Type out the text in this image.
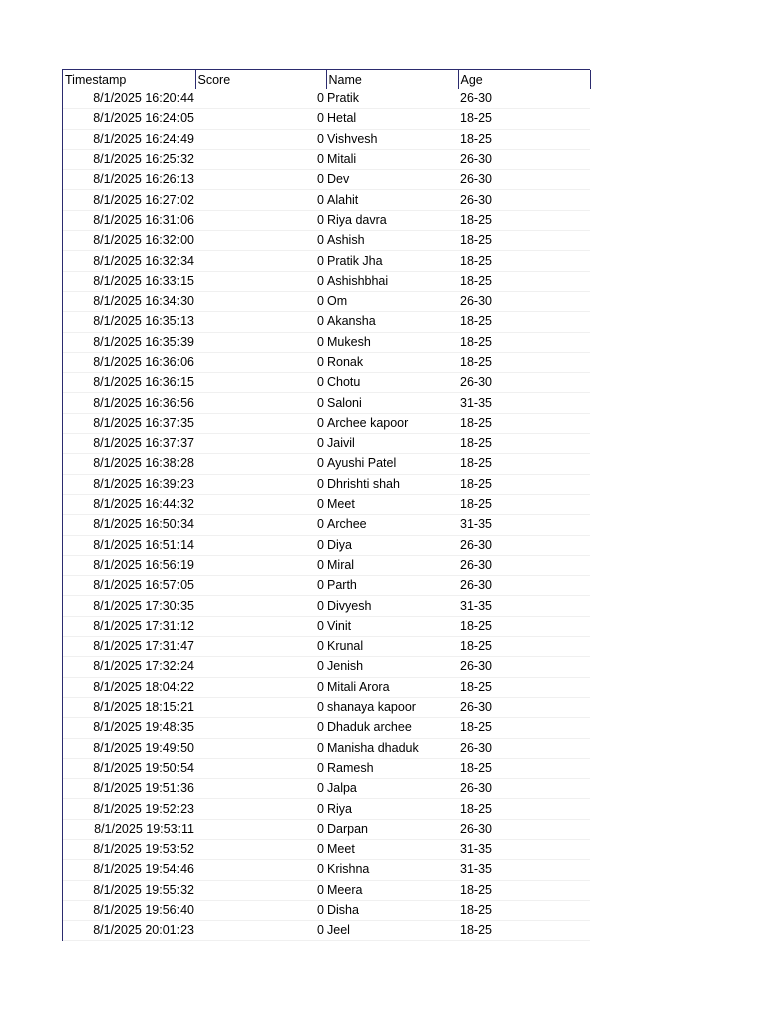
Timestamp	Score	Name	Age
8/1/2025 16:20:44	0	Pratik	26-30
8/1/2025 16:24:05	0	Hetal	18-25
8/1/2025 16:24:49	0	Vishvesh	18-25
8/1/2025 16:25:32	0	Mitali	26-30
8/1/2025 16:26:13	0	Dev	26-30
8/1/2025 16:27:02	0	Alahit	26-30
8/1/2025 16:31:06	0	Riya davra	18-25
8/1/2025 16:32:00	0	Ashish	18-25
8/1/2025 16:32:34	0	Pratik Jha	18-25
8/1/2025 16:33:15	0	Ashishbhai	18-25
8/1/2025 16:34:30	0	Om	26-30
8/1/2025 16:35:13	0	Akansha	18-25
8/1/2025 16:35:39	0	Mukesh	18-25
8/1/2025 16:36:06	0	Ronak	18-25
8/1/2025 16:36:15	0	Chotu	26-30
8/1/2025 16:36:56	0	Saloni	31-35
8/1/2025 16:37:35	0	Archee kapoor	18-25
8/1/2025 16:37:37	0	Jaivil	18-25
8/1/2025 16:38:28	0	Ayushi Patel	18-25
8/1/2025 16:39:23	0	Dhrishti shah	18-25
8/1/2025 16:44:32	0	Meet	18-25
8/1/2025 16:50:34	0	Archee	31-35
8/1/2025 16:51:14	0	Diya	26-30
8/1/2025 16:56:19	0	Miral	26-30
8/1/2025 16:57:05	0	Parth	26-30
8/1/2025 17:30:35	0	Divyesh	31-35
8/1/2025 17:31:12	0	Vinit	18-25
8/1/2025 17:31:47	0	Krunal	18-25
8/1/2025 17:32:24	0	Jenish	26-30
8/1/2025 18:04:22	0	Mitali Arora	18-25
8/1/2025 18:15:21	0	shanaya kapoor	26-30
8/1/2025 19:48:35	0	Dhaduk archee	18-25
8/1/2025 19:49:50	0	Manisha dhaduk	26-30
8/1/2025 19:50:54	0	Ramesh	18-25
8/1/2025 19:51:36	0	Jalpa	26-30
8/1/2025 19:52:23	0	Riya	18-25
8/1/2025 19:53:11	0	Darpan	26-30
8/1/2025 19:53:52	0	Meet	31-35
8/1/2025 19:54:46	0	Krishna	31-35
8/1/2025 19:55:32	0	Meera	18-25
8/1/2025 19:56:40	0	Disha	18-25
8/1/2025 20:01:23	0	Jeel	18-25
